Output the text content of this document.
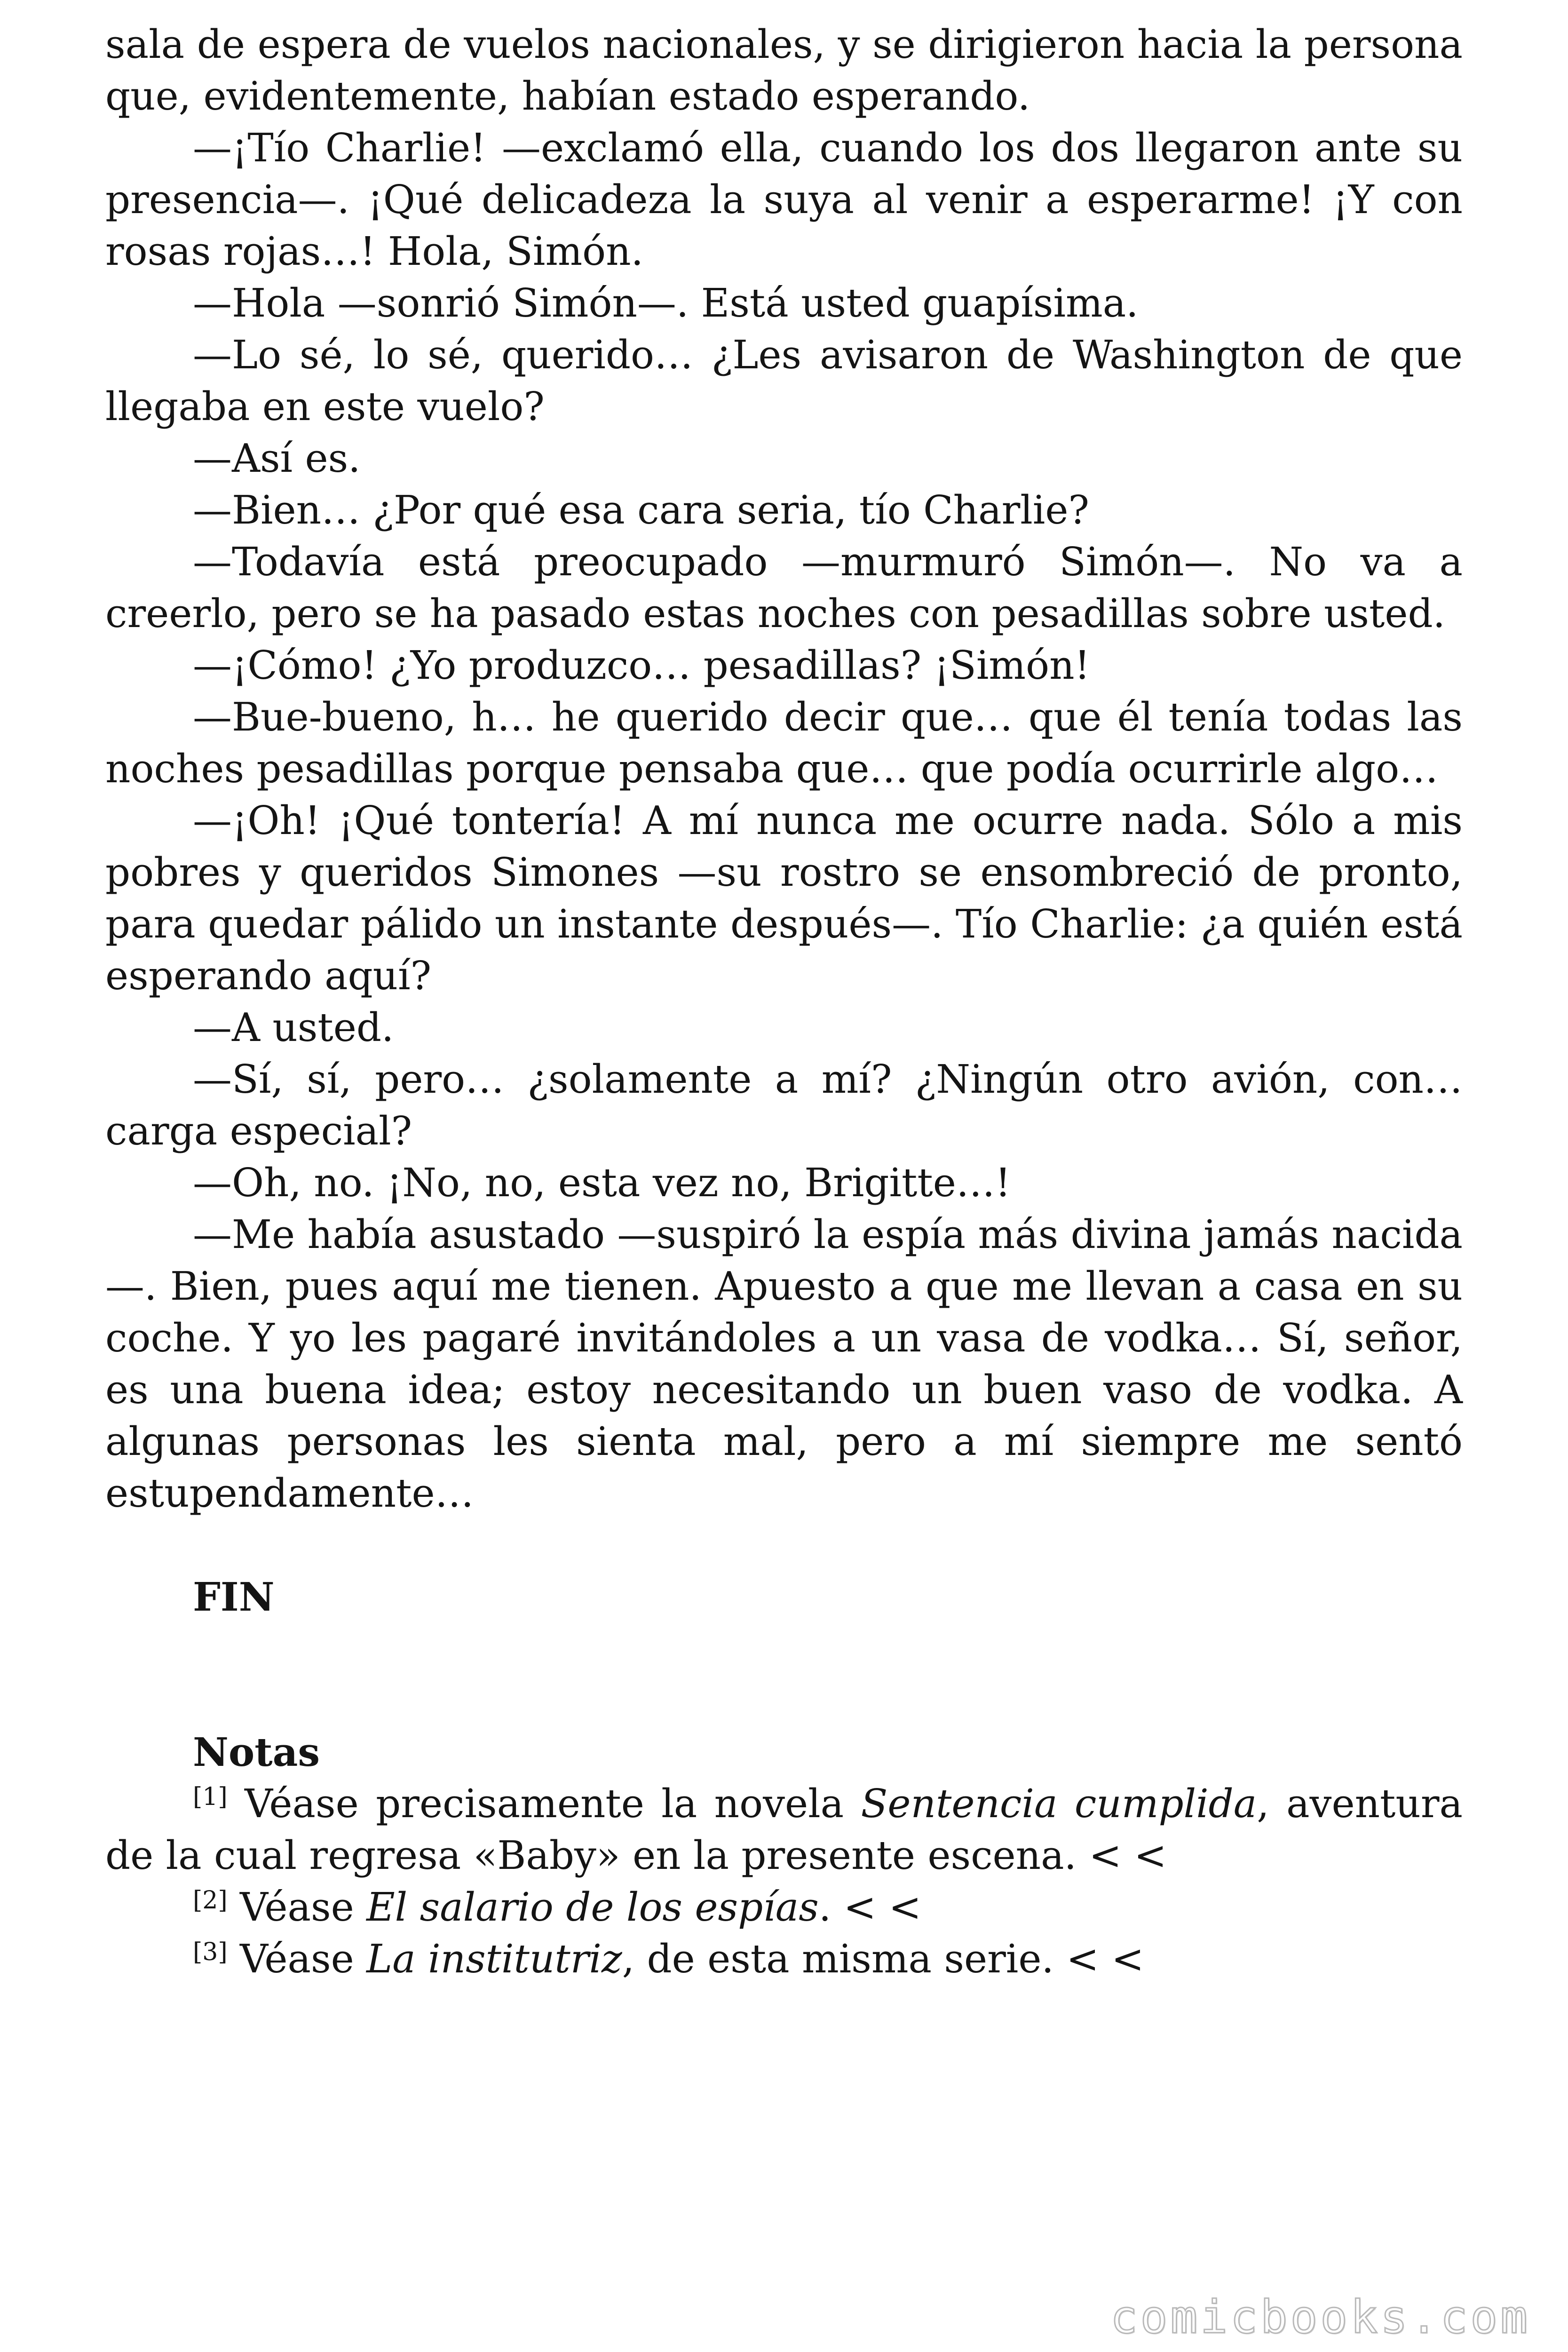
sala de espera de vuelos nacionales, y se dirigieron hacia la persona que, evidentemente, habían estado esperando.

—¡Tío Charlie! —exclamó ella, cuando los dos llegaron ante su presencia—. ¡Qué delicadeza la suya al venir a esperarme! ¡Y con rosas rojas…! Hola, Simón.

—Hola —sonrió Simón—. Está usted guapísima.

—Lo sé, lo sé, querido… ¿Les avisaron de Washington de que llegaba en este vuelo?

—Así es.

—Bien… ¿Por qué esa cara seria, tío Charlie?

—Todavía está preocupado —murmuró Simón—. No va a creerlo, pero se ha pasado estas noches con pesadillas sobre usted.

—¡Cómo! ¿Yo produzco… pesadillas? ¡Simón!

—Bue-bueno, h… he querido decir que… que él tenía todas las noches pesadillas porque pensaba que… que podía ocurrirle algo…

—¡Oh! ¡Qué tontería! A mí nunca me ocurre nada. Sólo a mis pobres y queridos Simones —su rostro se ensombreció de pronto, para quedar pálido un instante después—. Tío Charlie: ¿a quién está esperando aquí?

—A usted.

—Sí, sí, pero… ¿solamente a mí? ¿Ningún otro avión, con… carga especial?

—Oh, no. ¡No, no, esta vez no, Brigitte…!

—Me había asustado —suspiró la espía más divina jamás nacida —. Bien, pues aquí me tienen. Apuesto a que me llevan a casa en su coche. Y yo les pagaré invitándoles a un vasa de vodka… Sí, señor, es una buena idea; estoy necesitando un buen vaso de vodka. A algunas personas les sienta mal, pero a mí siempre me sentó estupendamente…

FIN

Notas

[1] Véase precisamente la novela Sentencia cumplida, aventura de la cual regresa «Baby» en la presente escena. < <

[2] Véase El salario de los espías. < <

[3] Véase La institutriz, de esta misma serie. < <

comicbooks.com
